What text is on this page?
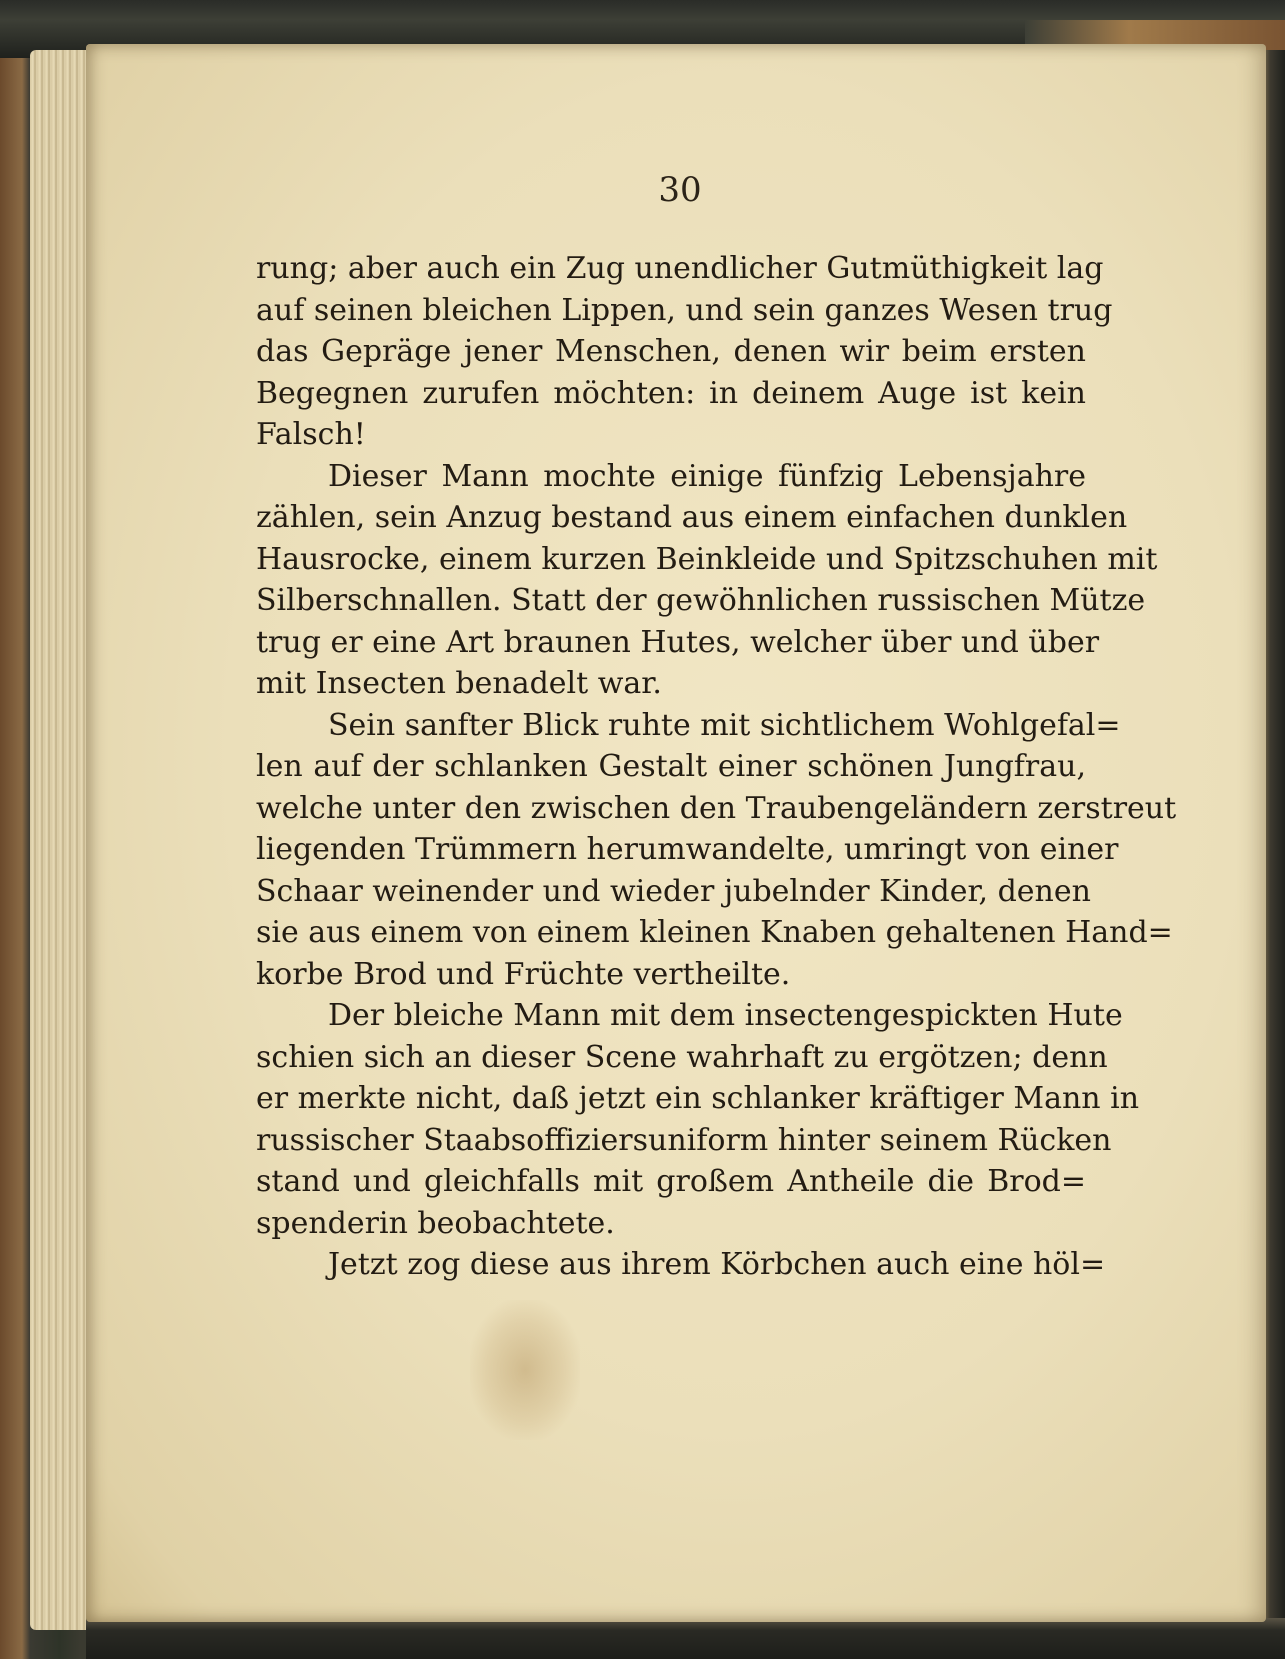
30
rung; aber auch ein Zug unendlicher Gutmüthigkeit lag
auf seinen bleichen Lippen, und sein ganzes Wesen trug
das Gepräge jener Menschen, denen wir beim ersten
Begegnen zurufen möchten: in deinem Auge ist kein
Falsch!
Dieser Mann mochte einige fünfzig Lebensjahre
zählen, sein Anzug bestand aus einem einfachen dunklen
Hausrocke, einem kurzen Beinkleide und Spitzschuhen mit
Silberschnallen. Statt der gewöhnlichen russischen Mütze
trug er eine Art braunen Hutes, welcher über und über
mit Insecten benadelt war.
Sein sanfter Blick ruhte mit sichtlichem Wohlgefal=
len auf der schlanken Gestalt einer schönen Jungfrau,
welche unter den zwischen den Traubengeländern zerstreut
liegenden Trümmern herumwandelte, umringt von einer
Schaar weinender und wieder jubelnder Kinder, denen
sie aus einem von einem kleinen Knaben gehaltenen Hand=
korbe Brod und Früchte vertheilte.
Der bleiche Mann mit dem insectengespickten Hute
schien sich an dieser Scene wahrhaft zu ergötzen; denn
er merkte nicht, daß jetzt ein schlanker kräftiger Mann in
russischer Staabsoffiziersuniform hinter seinem Rücken
stand und gleichfalls mit großem Antheile die Brod=
spenderin beobachtete.
Jetzt zog diese aus ihrem Körbchen auch eine höl=
